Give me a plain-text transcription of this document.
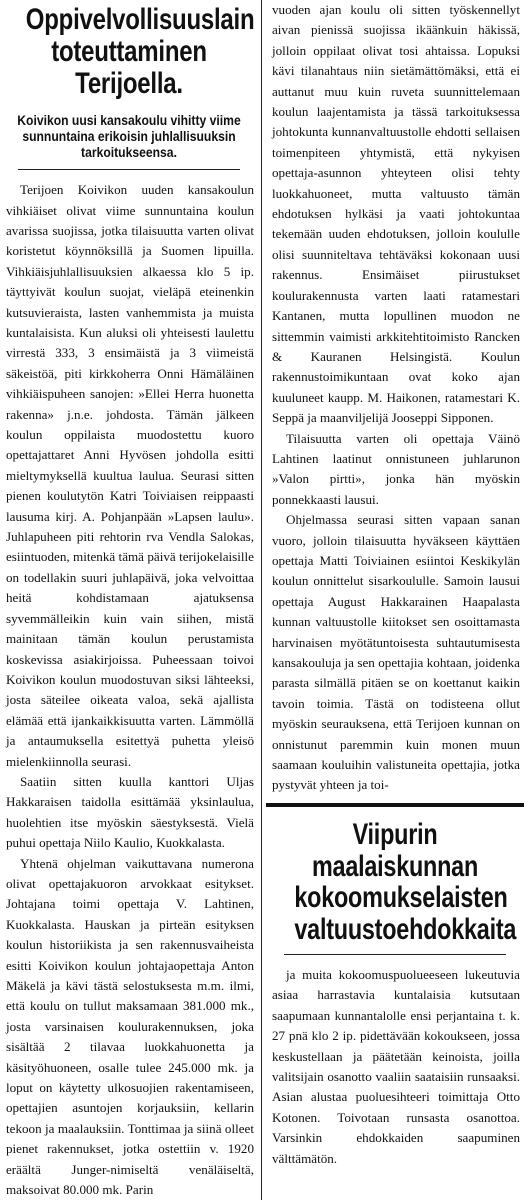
Oppivelvollisuuslain toteuttaminen Terijoella.
Koivikon uusi kansakoulu vihitty viime sunnuntaina erikoisin juhlallisuuksin tarkoitukseensa.

Terijoen Koivikon uuden kansakoulun vihkiäiset olivat viime sunnuntaina koulun avarissa suojissa, jotka tilaisuutta varten olivat koristetut köynnöksillä ja Suomen lipuilla. Vihkiäisjuhlallisuuksien alkaessa klo 5 ip. täyttyivät koulun suojat, vieläpä eteinenkin kutsuvieraista, lasten vanhemmista ja muista kuntalaisista. Kun aluksi oli yhteisesti laulettu virrestä 333, 3 ensimäistä ja 3 viimeistä säkeistöä, piti kirkkoherra Onni Hämäläinen vihkiäispuheen sanojen: »Ellei Herra huonetta rakenna» j.n.e. johdosta. Tämän jälkeen koulun oppilaista muodostettu kuoro opettajattaret Anni Hyvösen johdolla esitti mieltymyksellä kuultua laulua. Seurasi sitten pienen koulutytön Katri Toiviaisen reippaasti lausuma kirj. A. Pohjanpään »Lapsen laulu». Juhlapuheen piti rehtorin rva Vendla Salokas, esiintuoden, mitenkä tämä päivä terijokelaisille on todellakin suuri juhlapäivä, joka velvoittaa heitä kohdistamaan ajatuksensa syvemmälleikin kuin vain siihen, mistä mainitaan tämän koulun perustamista koskevissa asiakirjoissa. Puheessaan toivoi Koivikon koulun muodostuvan siksi lähteeksi, josta säteilee oikeata valoa, sekä ajallista elämää että ijankaikkisuutta varten. Lämmöllä ja antaumuksella esitettyä puhetta yleisö mielenkiinnolla seurasi.

Saatiin sitten kuulla kanttori Uljas Hakkaraisen taidolla esittämää yksinlaulua, huolehtien itse myöskin säestyksestä. Vielä puhui opettaja Niilo Kaulio, Kuokkalasta.

Yhtenä ohjelman vaikuttavana numerona olivat opettajakuoron arvokkaat esitykset. Johtajana toimi opettaja V. Lahtinen, Kuokkalasta. Hauskan ja pirteän esityksen koulun historiikista ja sen rakennusvaiheista esitti Koivikon koulun johtajaopettaja Anton Mäkelä ja kävi tästä selostuksesta m.m. ilmi, että koulu on tullut maksamaan 381.000 mk., josta varsinaisen koulurakennuksen, joka sisältää 2 tilavaa luokkahuonetta ja käsityöhuoneen, osalle tulee 245.000 mk. ja loput on käytetty ulkosuojien rakentamiseen, opettajien asuntojen korjauksiin, kellarin tekoon ja maalauksiin. Tonttimaa ja siinä olleet pienet rakennukset, jotka ostettiin v. 1920 eräältä Junger-nimiseltä venäläiseltä, maksoivat 80.000 mk. Parin

vuoden ajan koulu oli sitten työskennellyt aivan pienissä suojissa ikäänkuin häkissä, jolloin oppilaat olivat tosi ahtaissa. Lopuksi kävi tilanahtaus niin sietämättömäksi, että ei auttanut muu kuin ruveta suunnittelemaan koulun laajentamista ja tässä tarkoituksessa johtokunta kunnanvaltuustolle ehdotti sellaisen toimenpiteen yhtymistä, että nykyisen opettaja-asunnon yhteyteen olisi tehty luokkahuoneet, mutta valtuusto tämän ehdotuksen hylkäsi ja vaati johtokuntaa tekemään uuden ehdotuksen, jolloin koululle olisi suunniteltava tehtäväksi kokonaan uusi rakennus. Ensimäiset piirustukset koulurakennusta varten laati ratamestari Kantanen, mutta lopullinen muodon ne sittemmin vaimisti arkkitehtitoimisto Rancken & Kauranen Helsingistä. Koulun rakennustoimikuntaan ovat koko ajan kuuluneet kaupp. M. Haikonen, ratamestari K. Seppä ja maanviljelijä Jooseppi Sipponen.

Tilaisuutta varten oli opettaja Väinö Lahtinen laatinut onnistuneen juhlarunon »Valon pirtti», jonka hän myöskin ponnekkaasti lausui.

Ohjelmassa seurasi sitten vapaan sanan vuoro, jolloin tilaisuutta hyväkseen käyttäen opettaja Matti Toiviainen esiintoi Keskikylän koulun onnittelut sisarkoululle. Samoin lausui opettaja August Hakkarainen Haapalasta kunnan valtuustolle kiitokset sen osoittamasta harvinaisen myötätuntoisesta suhtautumisesta kansakouluja ja sen opettajia kohtaan, joidenka parasta silmällä pitäen se on koettanut kaikin tavoin toimia. Tästä on todisteena ollut myöskin seurauksena, että Terijoen kunnan on onnistunut paremmin kuin monen muun saamaan kouluihin valistuneita opettajia, jotka pystyvät yhteen ja toi-

Viipurin maalaiskunnan kokoomukselaisten valtuustoehdokkaita

ja muita kokoomuspuolueeseen lukeutuvia asiaa harrastavia kuntalaisia kutsutaan saapumaan kunnantalolle ensi perjantaina t. k. 27 pnä klo 2 ip. pidettävään kokoukseen, jossa keskustellaan ja päätetään keinoista, joilla valitsijain osanotto vaaliin saataisiin runsaaksi. Asian alustaa puoluesihteeri toimittaja Otto Kotonen. Toivotaan runsasta osanottoa. Varsinkin ehdokkaiden saapuminen välttämätön.
